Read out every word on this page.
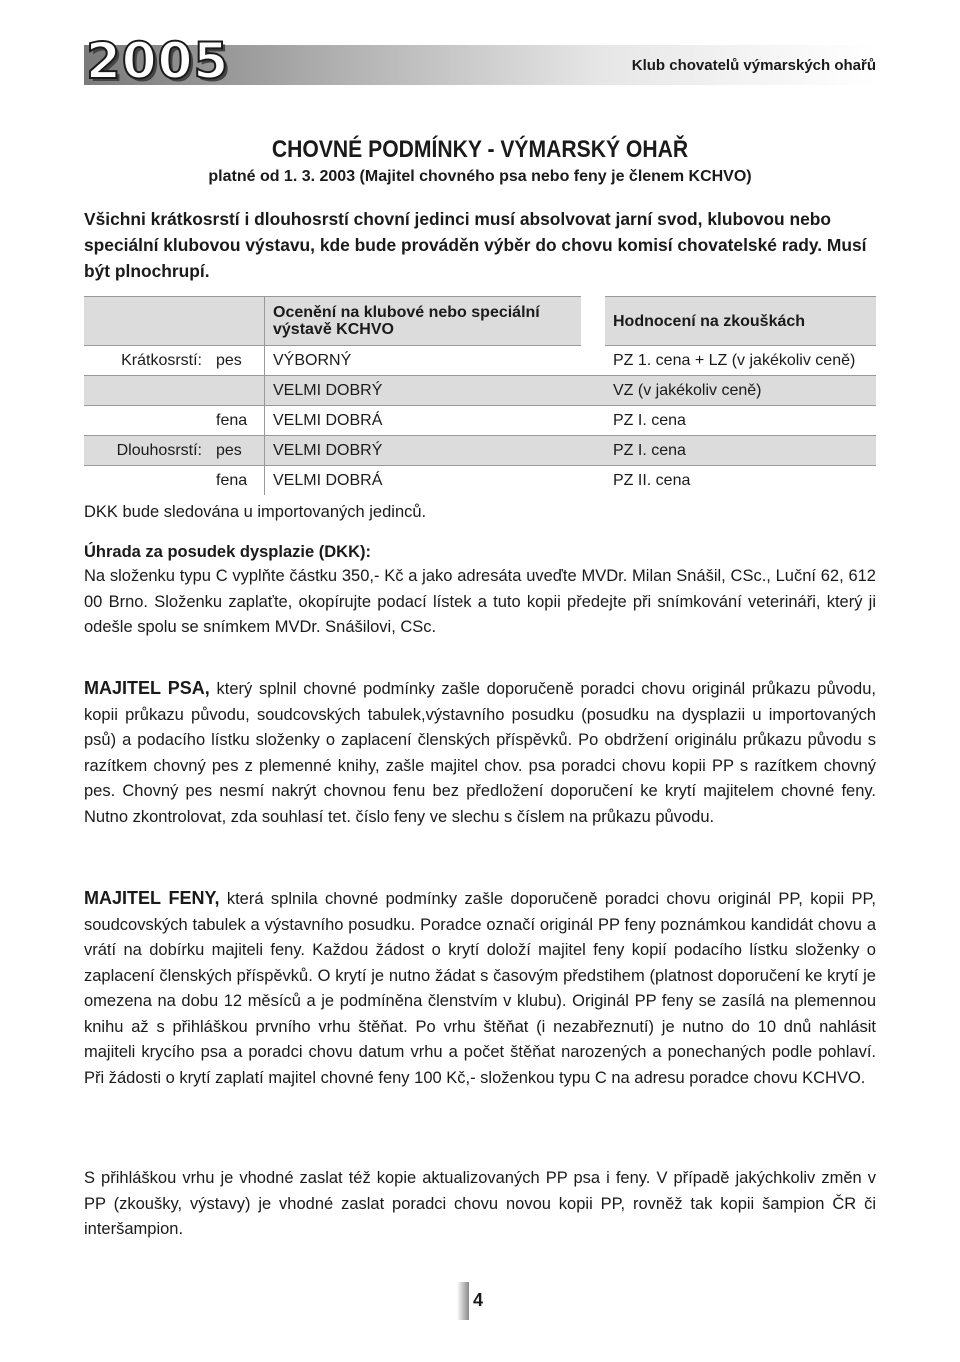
2005	Klub chovatelů výmarských ohařů
CHOVNÉ PODMÍNKY - VÝMARSKÝ OHAŘ
platné od 1. 3. 2003 (Majitel chovného psa nebo feny je členem KCHVO)
Všichni krátkosrstí i dlouhosrstí chovní jedinci musí absolvovat jarní svod, klubovou nebo speciální klubovou výstavu, kde bude prováděn výběr do chovu komisí chovatelské rady. Musí být plnochrupí.
		Ocenění na klubové nebo speciální výstavě KCHVO		Hodnocení na zkouškách
Krátkosrstí:	pes	VÝBORNÝ		PZ 1. cena + LZ (v jakékoliv ceně)
		VELMI DOBRÝ		VZ (v jakékoliv ceně)
	fena	VELMI DOBRÁ		PZ I. cena
Dlouhosrstí:	pes	VELMI DOBRÝ		PZ I. cena
	fena	VELMI DOBRÁ		PZ II. cena
DKK bude sledována u importovaných jedinců.
Úhrada za posudek dysplazie (DKK):
Na složenku typu C vyplňte částku 350,- Kč a jako adresáta uveďte MVDr. Milan Snášil, CSc., Luční 62, 612 00 Brno. Složenku zaplaťte, okopírujte podací lístek a tuto kopii předejte při snímkování veterináři, který ji odešle spolu se snímkem MVDr. Snášilovi, CSc.
MAJITEL PSA, který splnil chovné podmínky zašle doporučeně poradci chovu originál průkazu původu, kopii průkazu původu, soudcovských tabulek,výstavního posudku (posudku na dysplazii u importovaných psů) a podacího lístku složenky o zaplacení členských příspěvků. Po obdržení originálu průkazu původu s razítkem chovný pes z plemenné knihy, zašle majitel chov. psa poradci chovu kopii PP s razítkem chovný pes. Chovný pes nesmí nakrýt chovnou fenu bez předložení doporučení ke krytí majitelem chovné feny. Nutno zkontrolovat, zda souhlasí tet. číslo feny ve slechu s číslem na průkazu původu.
MAJITEL FENY, která splnila chovné podmínky zašle doporučeně poradci chovu originál PP, kopii PP, soudcovských tabulek a výstavního posudku. Poradce označí originál PP feny poznámkou kandidát chovu a vrátí na dobírku majiteli feny. Každou žádost o krytí doloží majitel feny kopií podacího lístku složenky o zaplacení členských příspěvků. O krytí je nutno žádat s časovým předstihem (platnost doporučení ke krytí je omezena na dobu 12 měsíců a je podmíněna členstvím v klubu). Originál PP feny se zasílá na plemennou knihu až s přihláškou prvního vrhu štěňat. Po vrhu štěňat (i nezabřeznutí) je nutno do 10 dnů nahlásit majiteli krycího psa a poradci chovu datum vrhu a počet štěňat narozených a ponechaných podle pohlaví. Při žádosti o krytí zaplatí majitel chovné feny 100 Kč,- složenkou typu C na adresu poradce chovu KCHVO.
S přihláškou vrhu je vhodné zaslat též kopie aktualizovaných PP psa i feny. V případě jakýchkoliv změn v PP (zkoušky, výstavy) je vhodné zaslat poradci chovu novou kopii PP, rovněž tak kopii šampion ČR či interšampion.
4
